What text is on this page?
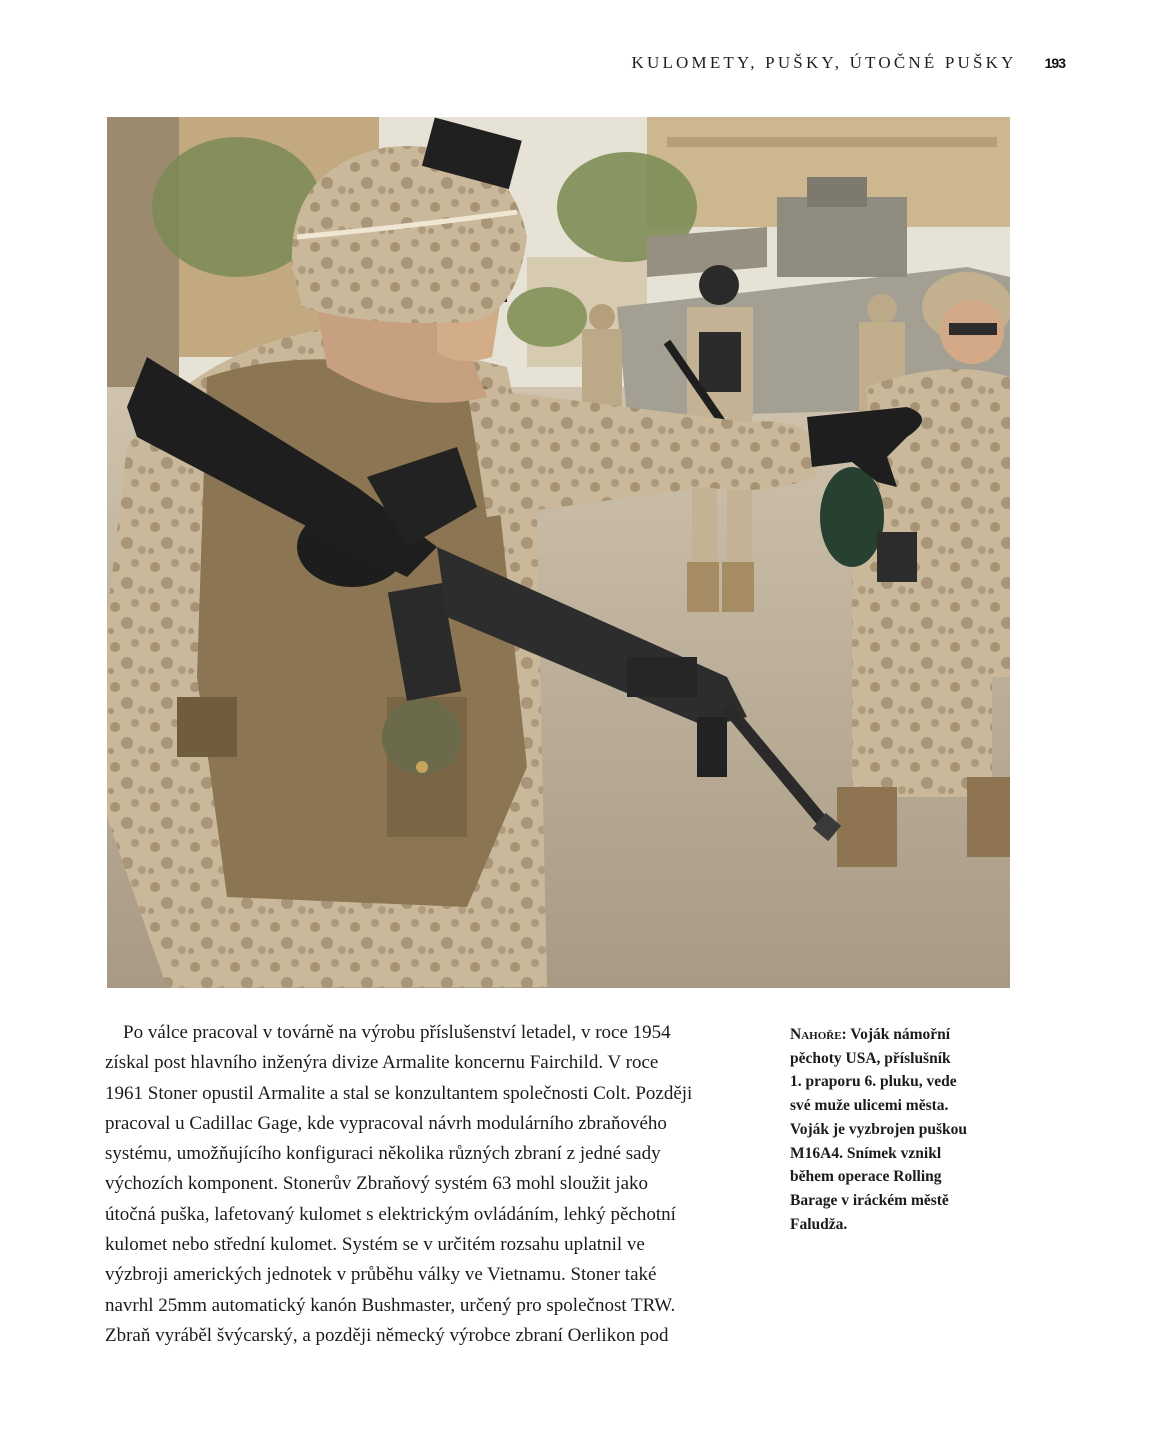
KULOMETY, PUŠKY, ÚTOČNÉ PUŠKY 193
Po válce pracoval v továrně na výrobu příslušenství letadel, v roce 1954
získal post hlavního inženýra divize Armalite koncernu Fairchild. V roce
1961 Stoner opustil Armalite a stal se konzultantem společnosti Colt. Později
pracoval u Cadillac Gage, kde vypracoval návrh modulárního zbraňového
systému, umožňujícího konfiguraci několika různých zbraní z jedné sady
výchozích komponent. Stonerův Zbraňový systém 63 mohl sloužit jako
útočná puška, lafetovaný kulomet s elektrickým ovládáním, lehký pěchotní
kulomet nebo střední kulomet. Systém se v určitém rozsahu uplatnil ve
výzbroji amerických jednotek v průběhu války ve Vietnamu. Stoner také
navrhl 25mm automatický kanón Bushmaster, určený pro společnost TRW.
Zbraň vyráběl švýcarský, a později německý výrobce zbraní Oerlikon pod
Nahoře: Voják námořní
pěchoty USA, příslušník
1. praporu 6. pluku, vede
své muže ulicemi města.
Voják je vyzbrojen puškou
M16A4. Snímek vznikl
během operace Rolling
Barage v iráckém městě
Faludža.
